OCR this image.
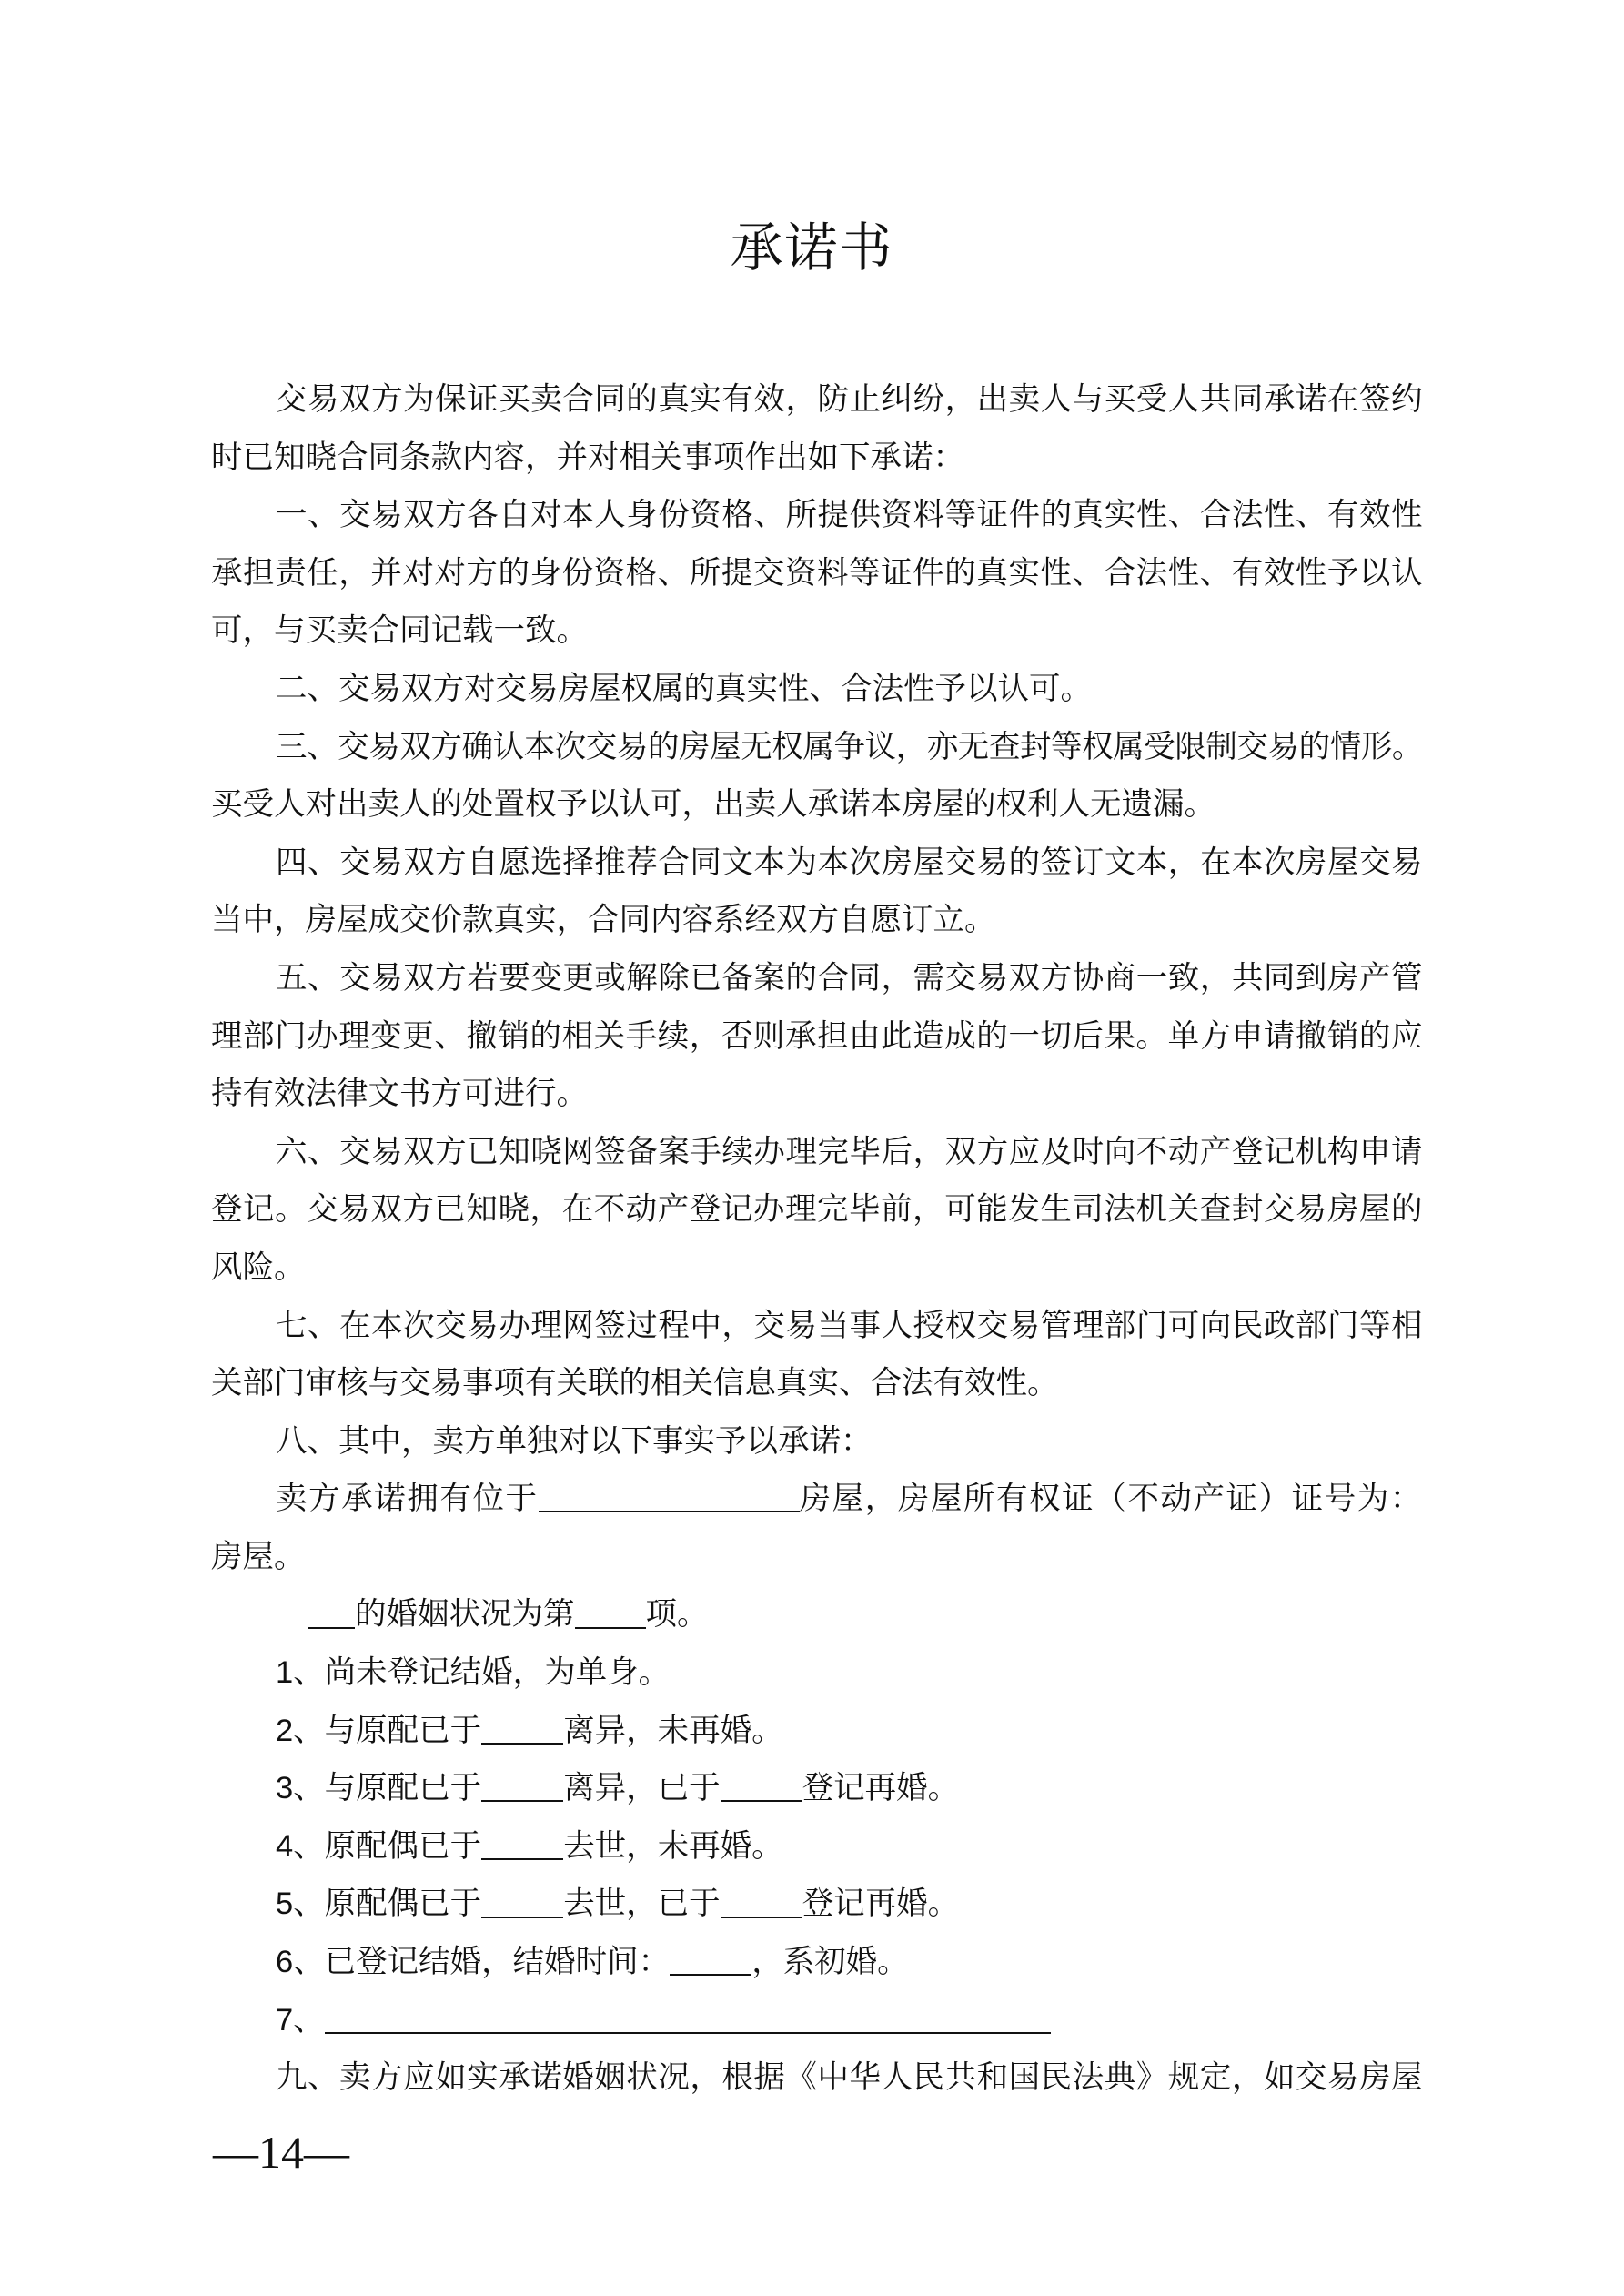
承诺书
交易双方为保证买卖合同的真实有效，防止纠纷，出卖人与买受人共同承诺在签约
时已知晓合同条款内容，并对相关事项作出如下承诺：
一、交易双方各自对本人身份资格、所提供资料等证件的真实性、合法性、有效性
承担责任，并对对方的身份资格、所提交资料等证件的真实性、合法性、有效性予以认
可，与买卖合同记载一致。
二、交易双方对交易房屋权属的真实性、合法性予以认可。
三、交易双方确认本次交易的房屋无权属争议，亦无查封等权属受限制交易的情形。
买受人对出卖人的处置权予以认可，出卖人承诺本房屋的权利人无遗漏。
四、交易双方自愿选择推荐合同文本为本次房屋交易的签订文本，在本次房屋交易
当中，房屋成交价款真实，合同内容系经双方自愿订立。
五、交易双方若要变更或解除已备案的合同，需交易双方协商一致，共同到房产管
理部门办理变更、撤销的相关手续，否则承担由此造成的一切后果。单方申请撤销的应
持有效法律文书方可进行。
六、交易双方已知晓网签备案手续办理完毕后，双方应及时向不动产登记机构申请
登记。交易双方已知晓，在不动产登记办理完毕前，可能发生司法机关查封交易房屋的
风险。
七、在本次交易办理网签过程中，交易当事人授权交易管理部门可向民政部门等相
关部门审核与交易事项有关联的相关信息真实、合法有效性。
八、其中，卖方单独对以下事实予以承诺：
卖方承诺拥有位于	房屋，房屋所有权证（不动产证）证号为：
房屋。
的婚姻状况为第 项。
1、尚未登记结婚，为单身。
2、与原配已于	离异，未再婚。
3、与原配已于	离异，已于	登记再婚。
4、原配偶已于	去世，未再婚。
5、原配偶已于	去世，已于	登记再婚。
6、已登记结婚，结婚时间：	，系初婚。
7、
九、卖方应如实承诺婚姻状况，根据《中华人民共和国民法典》规定，如交易房屋
—14—
